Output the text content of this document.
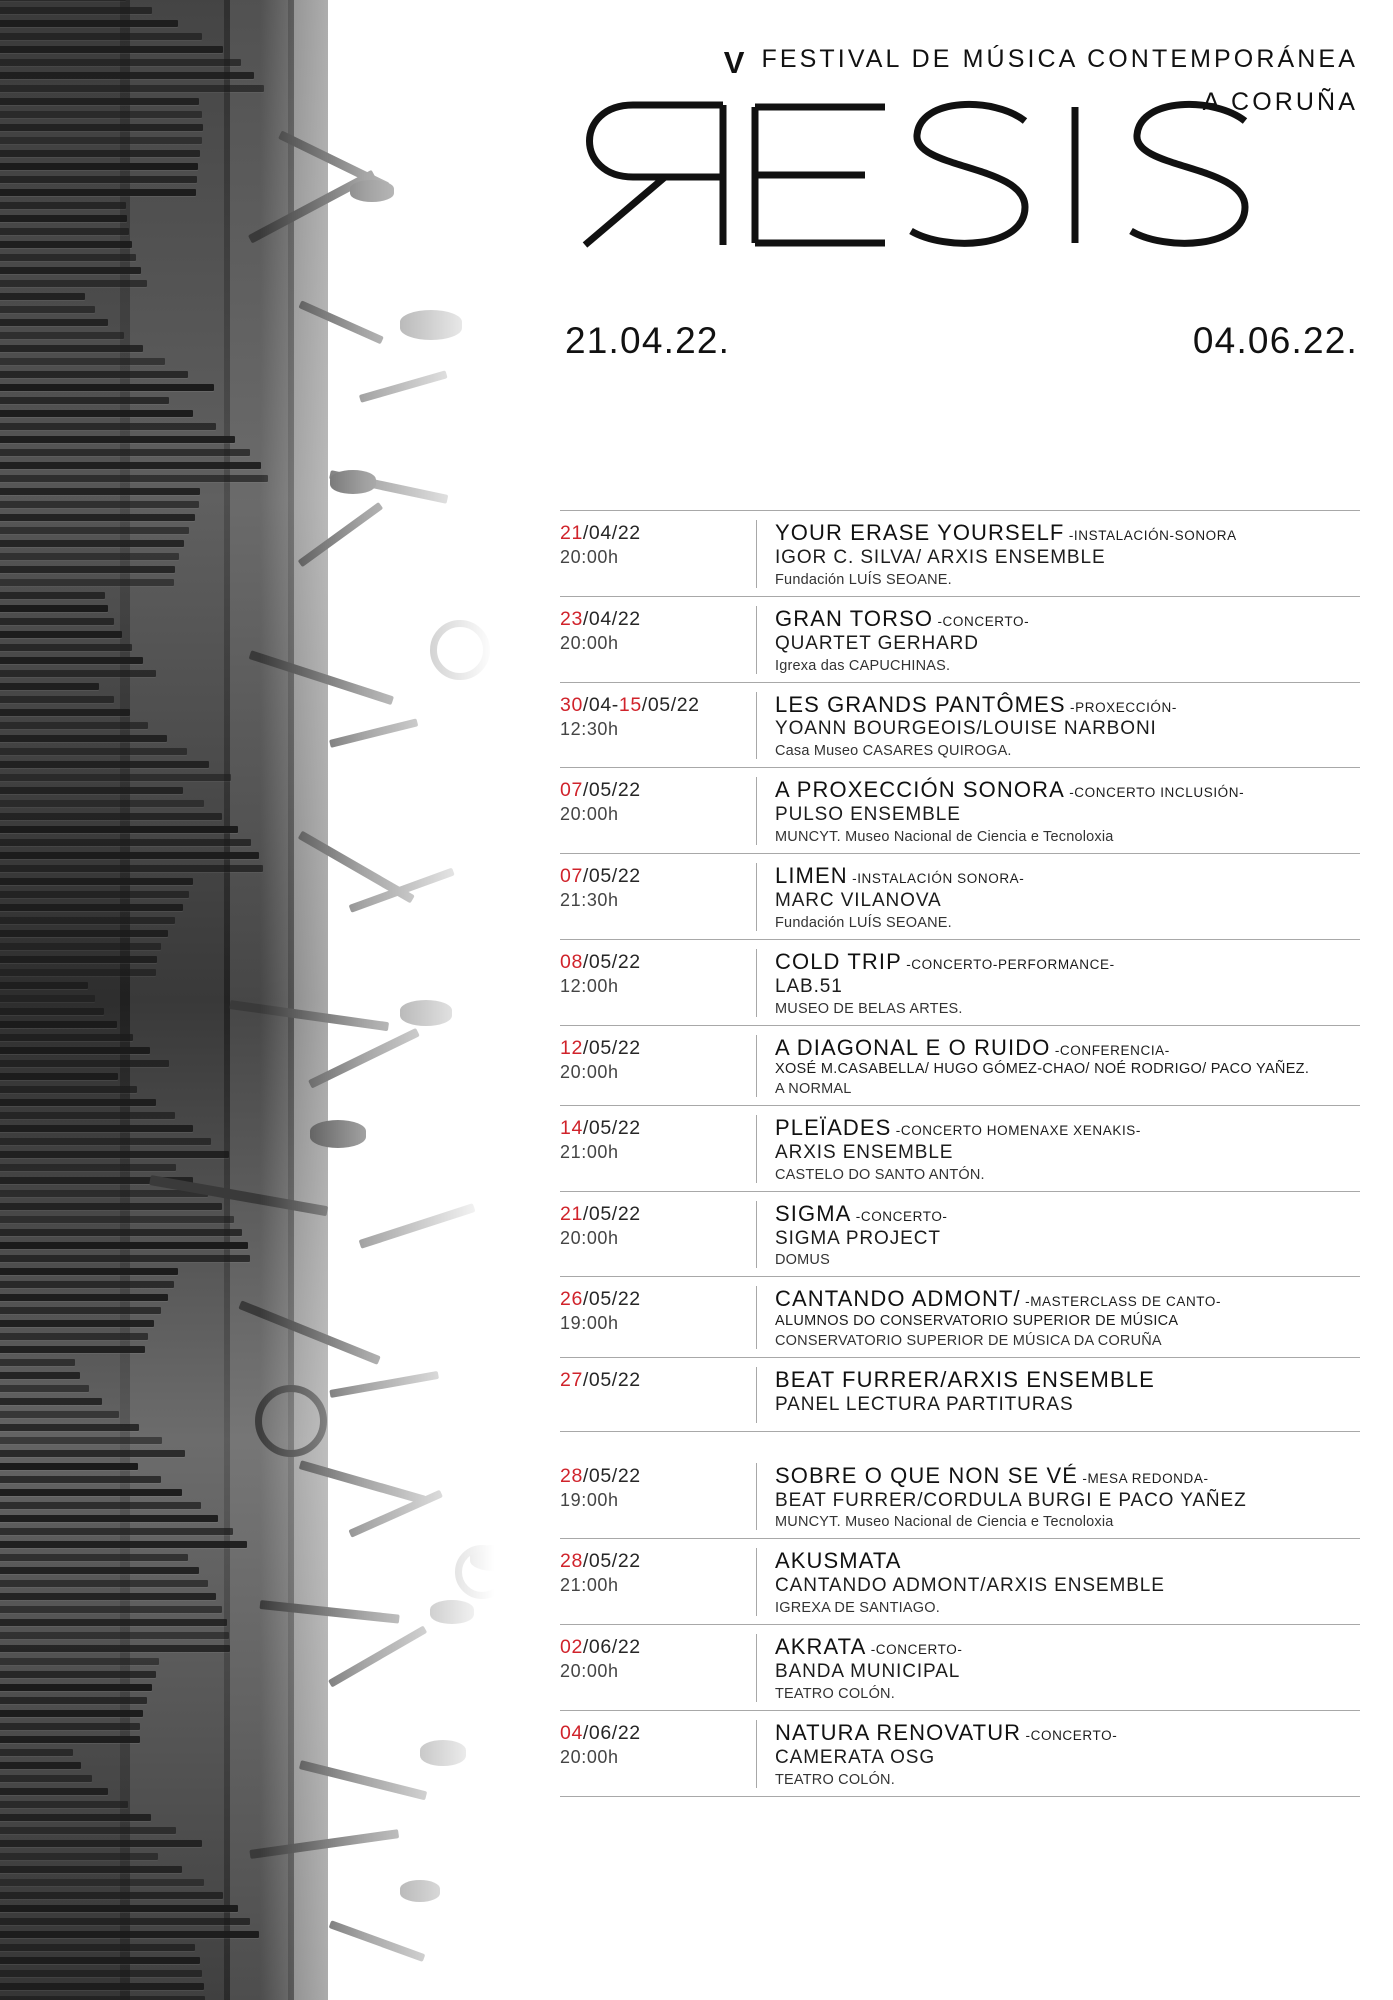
V FESTIVAL DE MÚSICA CONTEMPORÁNEA
A CORUÑA
21.04.22.	04.06.22.
21/04/22
20:00h
YOUR ERASE YOURSELF -INSTALACIÓN-SONORA
IGOR C. SILVA/ ARXIS ENSEMBLE
Fundación LUÍS SEOANE.
23/04/22
20:00h
GRAN TORSO -CONCERTO-
QUARTET GERHARD
Igrexa das CAPUCHINAS.
30/04-15/05/22
12:30h
LES GRANDS PANTÔMES -PROXECCIÓN-
YOANN BOURGEOIS/LOUISE NARBONI
Casa Museo CASARES QUIROGA.
07/05/22
20:00h
A PROXECCIÓN SONORA -CONCERTO INCLUSIÓN-
PULSO ENSEMBLE
MUNCYT. Museo Nacional de Ciencia e Tecnoloxia
07/05/22
21:30h
LIMEN -INSTALACIÓN SONORA-
MARC VILANOVA
Fundación LUÍS SEOANE.
08/05/22
12:00h
COLD TRIP -CONCERTO-PERFORMANCE-
LAB.51
MUSEO DE BELAS ARTES.
12/05/22
20:00h
A DIAGONAL E O RUIDO -CONFERENCIA-
XOSÉ M.CASABELLA/ HUGO GÓMEZ-CHAO/ NOÉ RODRIGO/ PACO YAÑEZ.
A NORMAL
14/05/22
21:00h
PLEÏADES -CONCERTO HOMENAXE XENAKIS-
ARXIS ENSEMBLE
CASTELO DO SANTO ANTÓN.
21/05/22
20:00h
SIGMA -CONCERTO-
SIGMA PROJECT
DOMUS
26/05/22
19:00h
CANTANDO ADMONT/ -MASTERCLASS DE CANTO-
ALUMNOS DO CONSERVATORIO SUPERIOR DE MÚSICA
CONSERVATORIO SUPERIOR DE MÚSICA DA CORUÑA
27/05/22	BEAT FURRER/ARXIS ENSEMBLE
PANEL LECTURA PARTITURAS
28/05/22
19:00h
SOBRE O QUE NON SE VÉ -MESA REDONDA-
BEAT FURRER/CORDULA BURGI E PACO YAÑEZ
MUNCYT. Museo Nacional de Ciencia e Tecnoloxia
28/05/22
21:00h
AKUSMATA
CANTANDO ADMONT/ARXIS ENSEMBLE
IGREXA DE SANTIAGO.
02/06/22
20:00h
AKRATA -CONCERTO-
BANDA MUNICIPAL
TEATRO COLÓN.
04/06/22
20:00h
NATURA RENOVATUR -CONCERTO-
CAMERATA OSG
TEATRO COLÓN.
